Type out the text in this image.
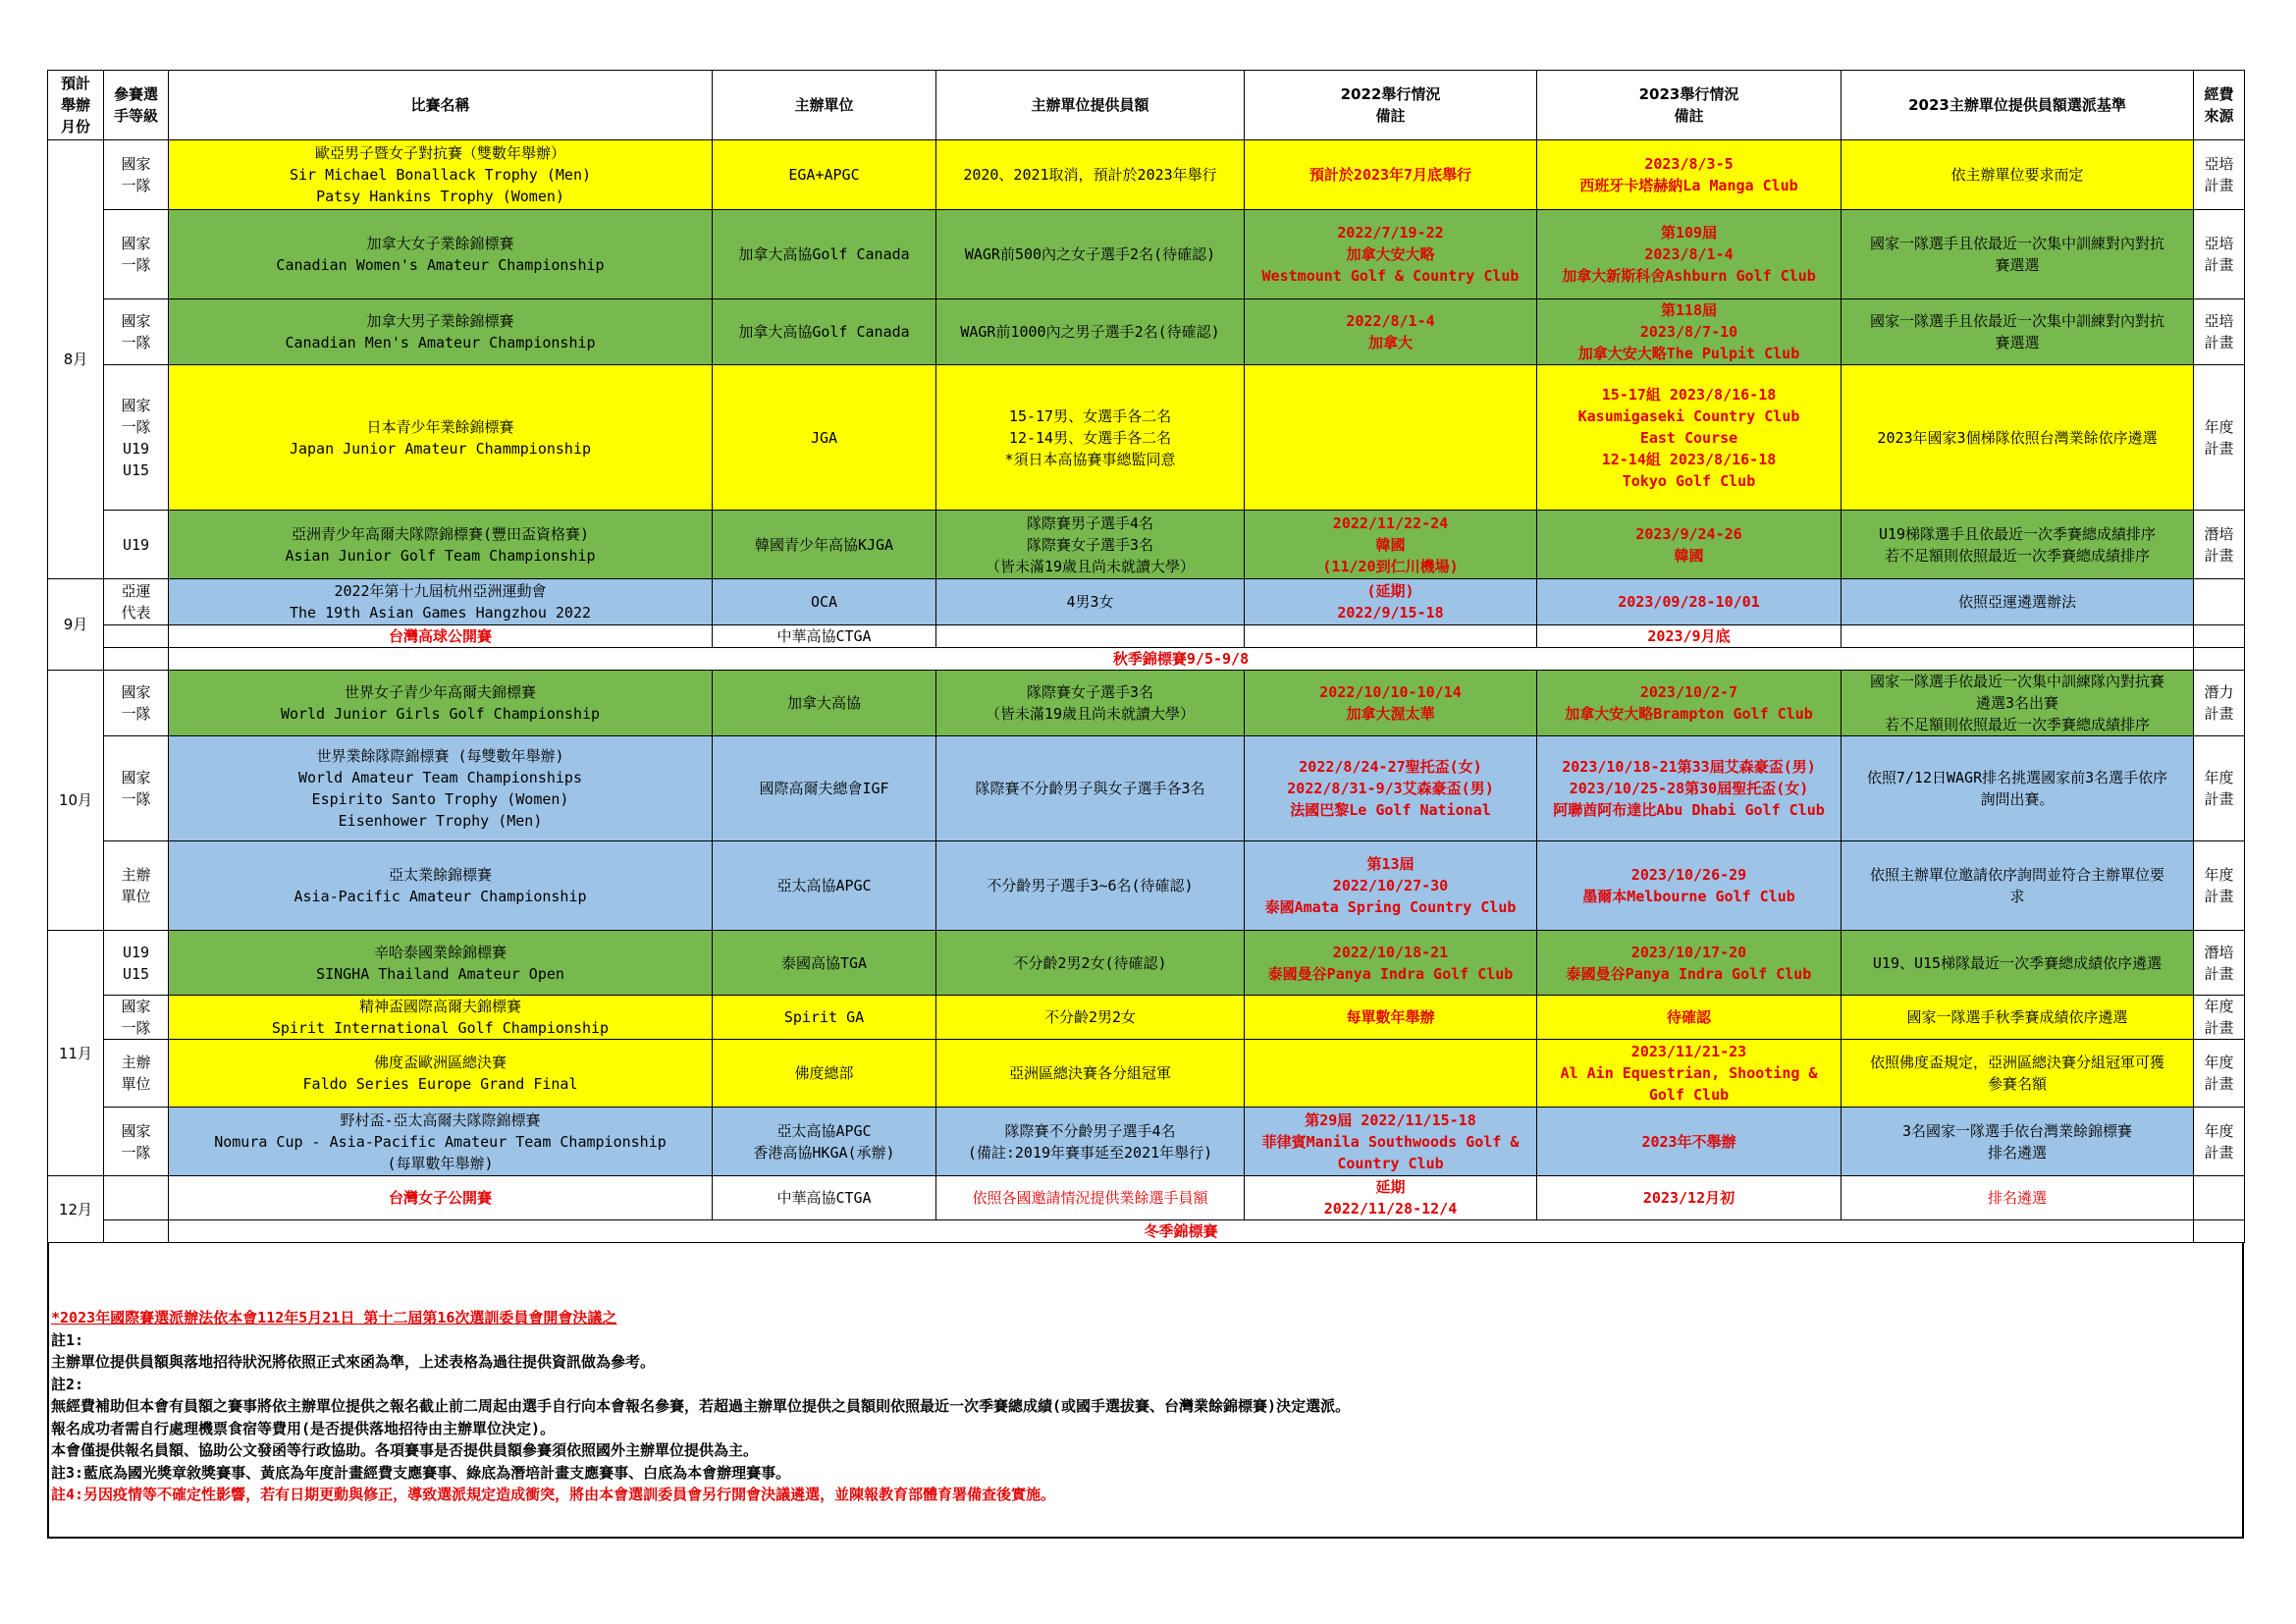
預計
舉辦
月份	參賽選
手等級	比賽名稱	主辦單位	主辦單位提供員額	2022舉行情況
備註	2023舉行情況
備註	2023主辦單位提供員額選派基準	經費
來源

8月	國家
一隊	歐亞男子暨女子對抗賽（雙數年舉辦）
Sir Michael Bonallack Trophy (Men)
Patsy Hankins Trophy (Women)	EGA+APGC	2020、2021取消，預計於2023年舉行	預計於2023年7月底舉行	2023/8/3-5
西班牙卡塔赫納La Manga Club	依主辦單位要求而定	亞培
計畫

	國家
一隊	加拿大女子業餘錦標賽
Canadian Women's Amateur Championship	加拿大高協Golf Canada	WAGR前500內之女子選手2名(待確認)	2022/7/19-22
加拿大安大略
Westmount Golf & Country Club	第109屆
2023/8/1-4
加拿大新斯科舍Ashburn Golf Club	國家一隊選手且依最近一次集中訓練對內對抗
賽選選	亞培
計畫

	國家
一隊	加拿大男子業餘錦標賽
Canadian Men's Amateur Championship	加拿大高協Golf Canada	WAGR前1000內之男子選手2名(待確認)	2022/8/1-4
加拿大	第118屆
2023/8/7-10
加拿大安大略The Pulpit Club	國家一隊選手且依最近一次集中訓練對內對抗
賽選選	亞培
計畫

	國家
一隊
U19
U15	日本青少年業餘錦標賽
Japan Junior Amateur Chammpionship	JGA	15-17男、女選手各二名
12-14男、女選手各二名
*須日本高協賽事總監同意		15-17組 2023/8/16-18
Kasumigaseki Country Club
East Course
12-14組 2023/8/16-18
Tokyo Golf Club	2023年國家3個梯隊依照台灣業餘依序遴選	年度
計畫

	U19	亞洲青少年高爾夫隊際錦標賽(豐田盃資格賽)
Asian Junior Golf Team Championship	韓國青少年高協KJGA	隊際賽男子選手4名
隊際賽女子選手3名
（皆未滿19歲且尚未就讀大學）	2022/11/22-24
韓國
(11/20到仁川機場)	2023/9/24-26
韓國	U19梯隊選手且依最近一次季賽總成績排序
若不足額則依照最近一次季賽總成績排序	潛培
計畫

9月	亞運
代表	2022年第十九屆杭州亞洲運動會
The 19th Asian Games Hangzhou 2022	OCA	4男3女	(延期)
2022/9/15-18	2023/09/28-10/01	依照亞運遴選辦法	

		台灣高球公開賽	中華高協CTGA			2023/9月底		
		秋季錦標賽9/5-9/8						
10月	國家
一隊	世界女子青少年高爾夫錦標賽
World Junior Girls Golf Championship	加拿大高協	隊際賽女子選手3名
（皆未滿19歲且尚未就讀大學）	2022/10/10-10/14
加拿大渥太華	2023/10/2-7
加拿大安大略Brampton Golf Club	國家一隊選手依最近一次集中訓練隊內對抗賽
遴選3名出賽
若不足額則依照最近一次季賽總成績排序	潛力
計畫

	國家
一隊	世界業餘隊際錦標賽 (每雙數年舉辦)
World Amateur Team Championships
Espirito Santo Trophy (Women)
Eisenhower Trophy (Men)	國際高爾夫總會IGF	隊際賽不分齡男子與女子選手各3名	2022/8/24-27聖托盃(女)
2022/8/31-9/3艾森豪盃(男)
法國巴黎Le Golf National	2023/10/18-21第33屆艾森豪盃(男)
2023/10/25-28第30屆聖托盃(女)
阿聯酋阿布達比Abu Dhabi Golf Club	依照7/12日WAGR排名挑選國家前3名選手依序
詢問出賽。	年度
計畫

	主辦
單位	亞太業餘錦標賽
Asia-Pacific Amateur Championship	亞太高協APGC	不分齡男子選手3~6名(待確認)	第13屆
2022/10/27-30
泰國Amata Spring Country Club	2023/10/26-29
墨爾本Melbourne Golf Club	依照主辦單位邀請依序詢問並符合主辦單位要
求	年度
計畫

11月	U19
U15	辛哈泰國業餘錦標賽
SINGHA Thailand Amateur Open	泰國高協TGA	不分齡2男2女(待確認)	2022/10/18-21
泰國曼谷Panya Indra Golf Club	2023/10/17-20
泰國曼谷Panya Indra Golf Club	U19、U15梯隊最近一次季賽總成績依序遴選	潛培
計畫

	國家
一隊	精神盃國際高爾夫錦標賽
Spirit International Golf Championship	Spirit GA	不分齡2男2女	每單數年舉辦	待確認	國家一隊選手秋季賽成績依序遴選	年度
計畫

	主辦
單位	佛度盃歐洲區總決賽
Faldo Series Europe Grand Final	佛度總部	亞洲區總決賽各分組冠軍		2023/11/21-23
Al Ain Equestrian, Shooting &
Golf Club	依照佛度盃規定，亞洲區總決賽分組冠軍可獲
參賽名額	年度
計畫

	國家
一隊	野村盃-亞太高爾夫隊際錦標賽
Nomura Cup - Asia-Pacific Amateur Team Championship
(每單數年舉辦)	亞太高協APGC
香港高協HKGA(承辦)	隊際賽不分齡男子選手4名
(備註:2019年賽事延至2021年舉行)	第29屆 2022/11/15-18
菲律賓Manila Southwoods Golf &
Country Club	2023年不舉辦	3名國家一隊選手依台灣業餘錦標賽
排名遴選	年度
計畫

12月		台灣女子公開賽	中華高協CTGA	依照各國邀請情況提供業餘選手員額	延期
2022/11/28-12/4	2023/12月初	排名遴選	
		冬季錦標賽						
*2023年國際賽選派辦法依本會112年5月21日 第十二屆第16次選訓委員會開會決議之
註1:
主辦單位提供員額與落地招待狀況將依照正式來函為準，上述表格為過往提供資訊做為參考。
註2:
無經費補助但本會有員額之賽事將依主辦單位提供之報名截止前二周起由選手自行向本會報名參賽，若超過主辦單位提供之員額則依照最近一次季賽總成績(或國手選拔賽、台灣業餘錦標賽)決定選派。
報名成功者需自行處理機票食宿等費用(是否提供落地招待由主辦單位決定)。
本會僅提供報名員額、協助公文發函等行政協助。各項賽事是否提供員額參賽須依照國外主辦單位提供為主。
註3:藍底為國光獎章敘獎賽事、黃底為年度計畫經費支應賽事、綠底為潛培計畫支應賽事、白底為本會辦理賽事。
註4:另因疫情等不確定性影響，若有日期更動與修正，導致選派規定造成衝突，將由本會選訓委員會另行開會決議遴選，並陳報教育部體育署備查後實施。
